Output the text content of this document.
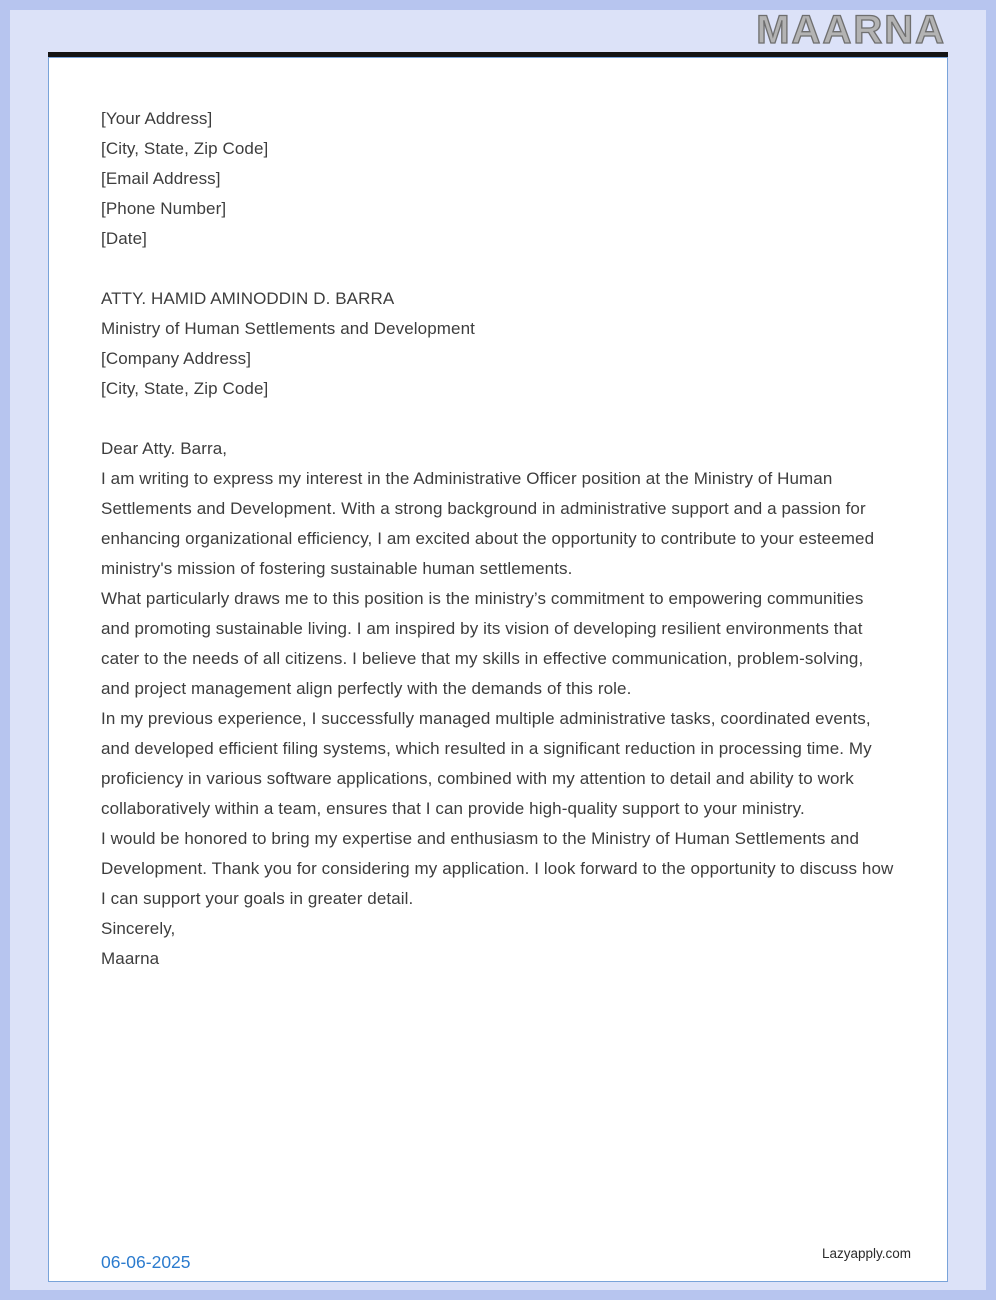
MAARNA

[Your Address]

[City, State, Zip Code]

[Email Address]

[Phone Number]

[Date]

ATTY. HAMID AMINODDIN D. BARRA

Ministry of Human Settlements and Development

[Company Address]

[City, State, Zip Code]

Dear Atty. Barra,

I am writing to express my interest in the Administrative Officer position at the Ministry of Human Settlements and Development. With a strong background in administrative support and a passion for enhancing organizational efficiency, I am excited about the opportunity to contribute to your esteemed ministry's mission of fostering sustainable human settlements.

What particularly draws me to this position is the ministry’s commitment to empowering communities and promoting sustainable living. I am inspired by its vision of developing resilient environments that cater to the needs of all citizens. I believe that my skills in effective communication, problem-solving, and project management align perfectly with the demands of this role.

In my previous experience, I successfully managed multiple administrative tasks, coordinated events, and developed efficient filing systems, which resulted in a significant reduction in processing time. My proficiency in various software applications, combined with my attention to detail and ability to work collaboratively within a team, ensures that I can provide high-quality support to your ministry.

I would be honored to bring my expertise and enthusiasm to the Ministry of Human Settlements and Development. Thank you for considering my application. I look forward to the opportunity to discuss how I can support your goals in greater detail.

Sincerely,

Maarna

Lazyapply.com
06-06-2025
